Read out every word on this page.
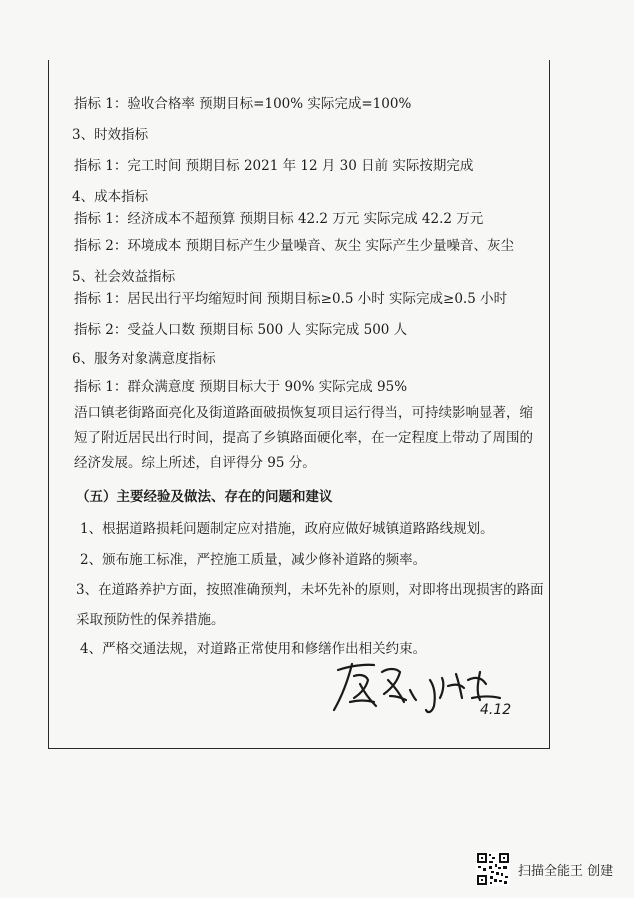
指标 1：验收合格率 预期目标=100% 实际完成=100%

3、时效指标

指标 1：完工时间 预期目标 2021 年 12 月 30 日前 实际按期完成

4、成本指标

指标 1：经济成本不超预算 预期目标 42.2 万元 实际完成 42.2 万元

指标 2：环境成本 预期目标产生少量噪音、灰尘 实际产生少量噪音、灰尘

5、社会效益指标

指标 1：居民出行平均缩短时间 预期目标≥0.5 小时 实际完成≥0.5 小时

指标 2：受益人口数 预期目标 500 人 实际完成 500 人

6、服务对象满意度指标

指标 1：群众满意度 预期目标大于 90% 实际完成 95%

浯口镇老街路面亮化及街道路面破损恢复项目运行得当，可持续影响显著，缩短了附近居民出行时间，提高了乡镇路面硬化率，在一定程度上带动了周围的经济发展。综上所述，自评得分 95 分。

（五）主要经验及做法、存在的问题和建议

1、根据道路损耗问题制定应对措施，政府应做好城镇道路路线规划。

2、颁布施工标准，严控施工质量，减少修补道路的频率。

3、在道路养护方面，按照准确预判，未坏先补的原则，对即将出现损害的路面采取预防性的保养措施。

4、严格交通法规，对道路正常使用和修缮作出相关约束。

4.12
扫描全能王 创建
